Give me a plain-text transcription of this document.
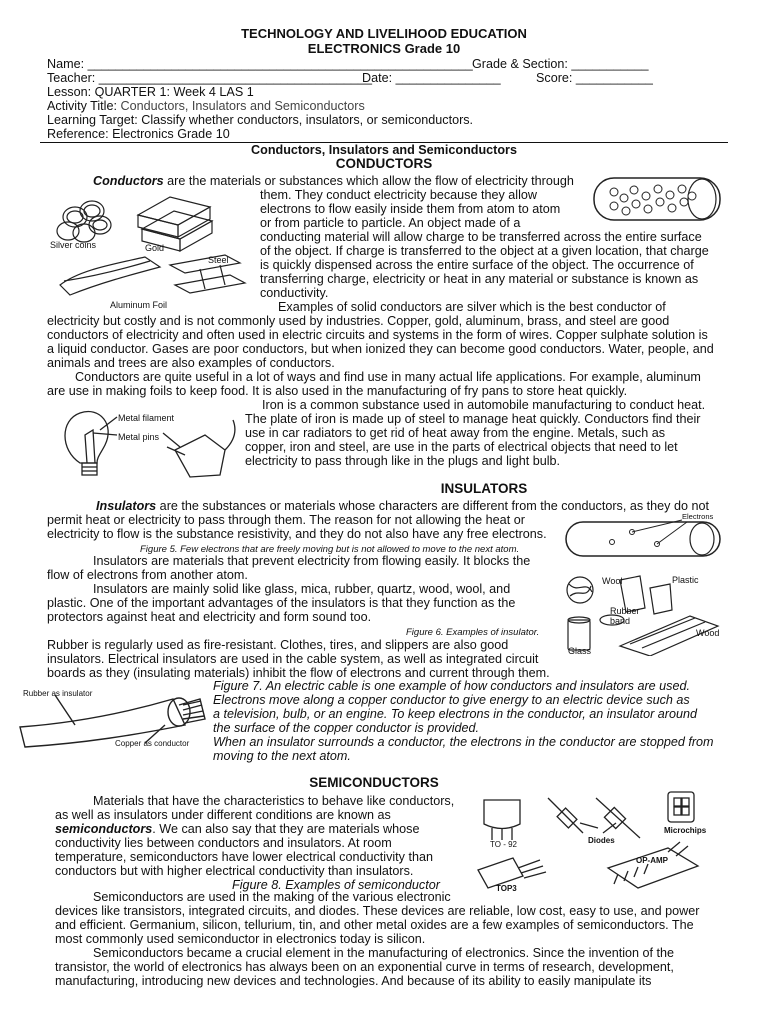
TECHNOLOGY AND LIVELIHOOD EDUCATION
ELECTRONICS Grade 10
Name: _______________________________________________________ Grade & Section: ___________
Teacher: _______________________________________
Date: _______________	Score: ___________
Lesson: QUARTER 1: Week 4 LAS 1
Activity Title: Conductors, Insulators and Semiconductors
Learning Target: Classify whether conductors, insulators, or semiconductors.
Reference: Electronics Grade 10
Conductors, Insulators and Semiconductors
CONDUCTORS
Conductors are the materials or substances which allow the flow of electricity through
them. They conduct electricity because they allow
electrons to flow easily inside them from atom to atom
or from particle to particle. An object made of a
conducting material will allow charge to be transferred across the entire surface
of the object. If charge is transferred to the object at a given location, that charge
is quickly dispensed across the entire surface of the object. The occurrence of
transferring charge, electricity or heat in any material or substance is known as
conductivity.
Examples of solid conductors are silver which is the best conductor of
electricity but costly and is not commonly used by industries. Copper, gold, aluminum, brass, and steel are good
conductors of electricity and often used in electric circuits and systems in the form of wires. Copper sulphate solution is
a liquid conductor. Gases are poor conductors, but when ionized they can become good conductors. Water, people, and
animals and trees are also examples of conductors.
Conductors are quite useful in a lot of ways and find use in many actual life applications. For example, aluminum
are use in making foils to keep food. It is also used in the manufacturing of fry pans to store heat quickly.
Iron is a common substance used in automobile manufacturing to conduct heat.
The plate of iron is made up of steel to manage heat quickly. Conductors find their
use in car radiators to get rid of heat away from the engine. Metals, such as
copper, iron and steel, are use in the parts of electrical objects that need to let
electricity to pass through like in the plugs and light bulb.
Silver coins	Gold
Steel
Aluminum Foil
Metal filament
Metal pins
INSULATORS
Insulators are the substances or materials whose characters are different from the conductors, as they do not
permit heat or electricity to pass through them. The reason for not allowing the heat or
electricity to flow is the substance resistivity, and they do not also have any free electrons.
Figure 5. Few electrons that are freely moving but is not allowed to move to the next atom.
Electrons
Insulators are materials that prevent electricity from flowing easily. It blocks the
flow of electrons from another atom.
Insulators are mainly solid like glass, mica, rubber, quartz, wood, wool, and
plastic. One of the important advantages of the insulators is that they function as the
protectors against heat and electricity and form sound too.
Figure 6. Examples of insulator.
Wool	Plastic
Rubber
band
Glass
Wood
Rubber is regularly used as fire-resistant. Clothes, tires, and slippers are also good
insulators. Electrical insulators are used in the cable system, as well as integrated circuit
boards as they (insulating materials) inhibit the flow of electrons and current through them.
Figure 7. An electric cable is one example of how conductors and insulators are used.
Electrons move along a copper conductor to give energy to an electric device such as
a television, bulb, or an engine. To keep electrons in the conductor, an insulator around
the surface of the copper conductor is provided.
When an insulator surrounds a conductor, the electrons in the conductor are stopped from
moving to the next atom.
Rubber as insulator
Copper as conductor
SEMICONDUCTORS
Materials that have the characteristics to behave like conductors,
as well as insulators under different conditions are known as
semiconductors. We can also say that they are materials whose
conductivity lies between conductors and insulators. At room
temperature, semiconductors have lower electrical conductivity than
conductors but with higher electrical conductivity than insulators.
Figure 8. Examples of semiconductor
TO - 92	Diodes
Microchips
TOP3
OP-AMP
Semiconductors are used in the making of the various electronic
devices like transistors, integrated circuits, and diodes. These devices are reliable, low cost, easy to use, and power
and efficient. Germanium, silicon, tellurium, tin, and other metal oxides are a few examples of semiconductors. The
most commonly used semiconductor in electronics today is silicon.
Semiconductors became a crucial element in the manufacturing of electronics. Since the invention of the
transistor, the world of electronics has always been on an exponential curve in terms of research, development,
manufacturing, introducing new devices and technologies. And because of its ability to easily manipulate its
